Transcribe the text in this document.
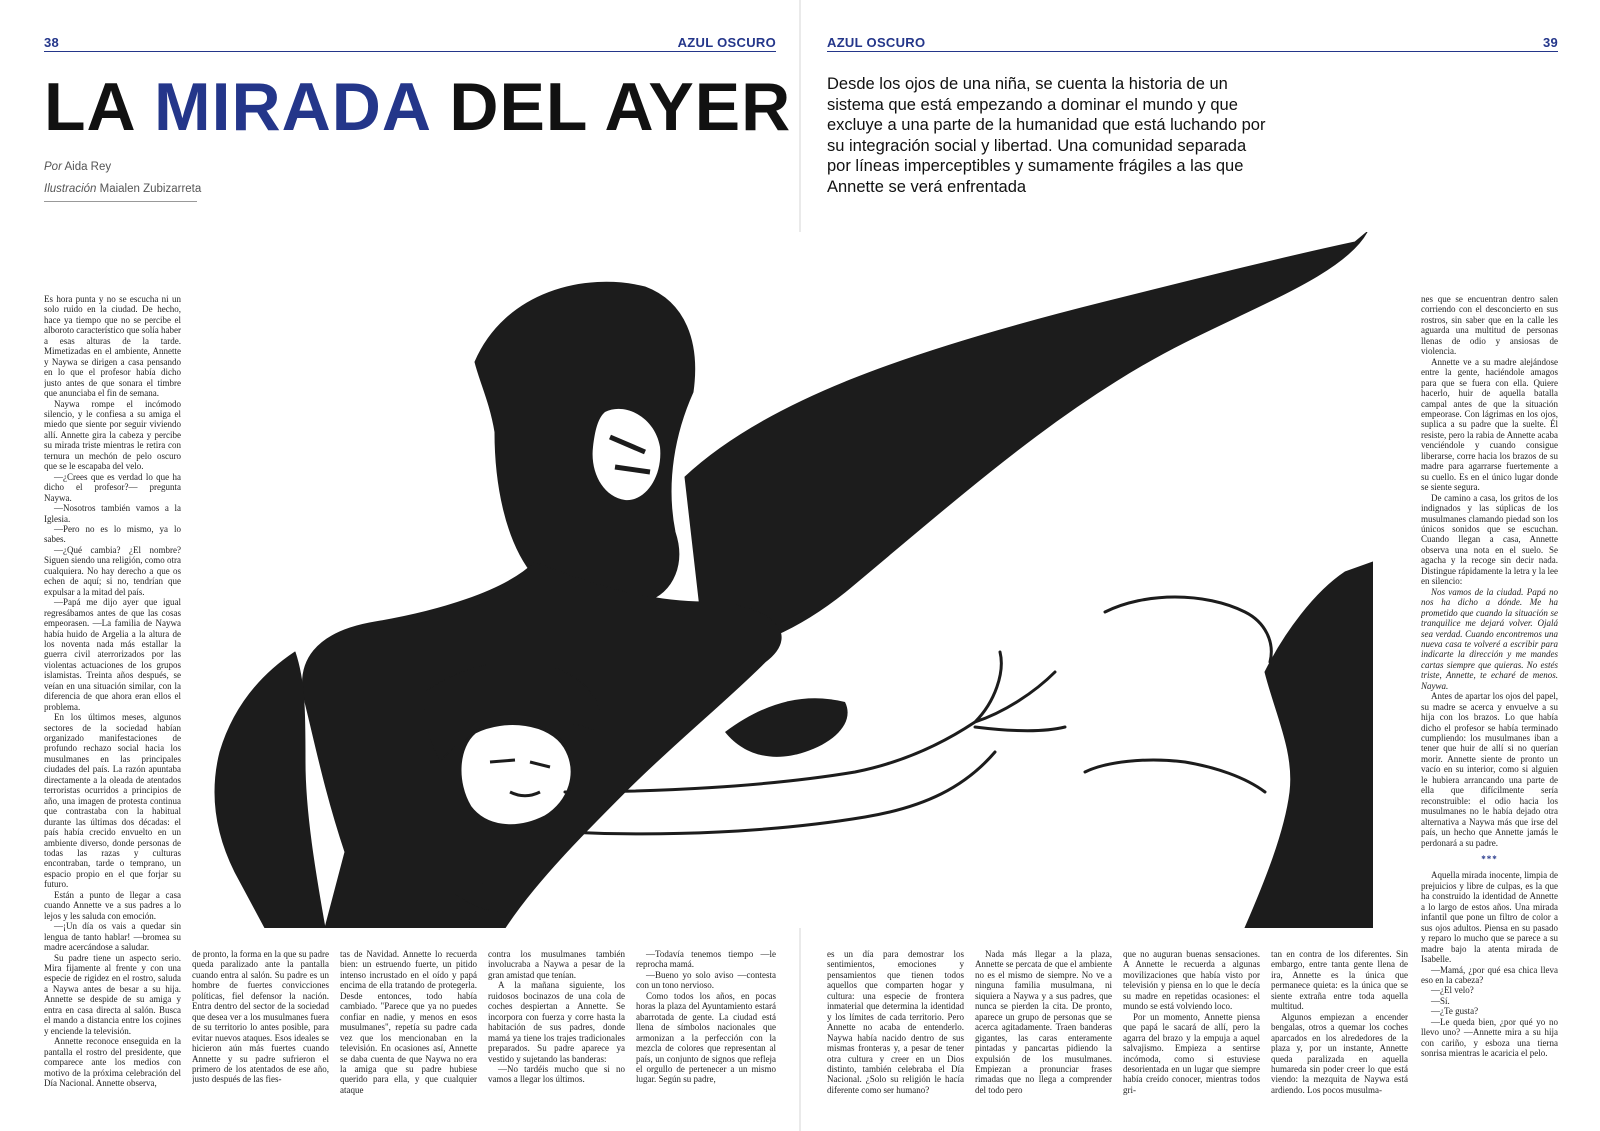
38	AZUL OSCURO	AZUL OSCURO	39
LA MIRADA DEL AYER
Por Aida Rey
Ilustración Maialen Zubizarreta

Desde los ojos de una niña, se cuenta la historia de un sistema que está empezando a dominar el mundo y que excluye a una parte de la humanidad que está luchando por su integración social y libertad. Una comunidad separada por líneas imperceptibles y sumamente frágiles a las que Annette se verá enfrentada

Es hora punta y no se escucha ni un solo ruido en la ciudad. De hecho, hace ya tiempo que no se percibe el alboroto característico que solía haber a esas alturas de la tarde. Mimetizadas en el ambiente, Annette y Naywa se dirigen a casa pensando en lo que el profesor había dicho justo antes de que sonara el timbre que anunciaba el fin de semana.

Naywa rompe el incómodo silencio, y le confiesa a su amiga el miedo que siente por seguir viviendo allí. Annette gira la cabeza y percibe su mirada triste mientras le retira con ternura un mechón de pelo oscuro que se le escapaba del velo.

—¿Crees que es verdad lo que ha dicho el profesor?— pregunta Naywa.

—Nosotros también vamos a la Iglesia.

—Pero no es lo mismo, ya lo sabes.

—¿Qué cambia? ¿El nombre? Siguen siendo una religión, como otra cualquiera. No hay derecho a que os echen de aquí; si no, tendrían que expulsar a la mitad del país.

—Papá me dijo ayer que igual regresábamos antes de que las cosas empeorasen. —La familia de Naywa había huido de Argelia a la altura de los noventa nada más estallar la guerra civil aterrorizados por las violentas actuaciones de los grupos islamistas. Treinta años después, se veían en una situación similar, con la diferencia de que ahora eran ellos el problema.

En los últimos meses, algunos sectores de la sociedad habían organizado manifestaciones de profundo rechazo social hacia los musulmanes en las principales ciudades del país. La razón apuntaba directamente a la oleada de atentados terroristas ocurridos a principios de año, una imagen de protesta continua que contrastaba con la habitual durante las últimas dos décadas: el país había crecido envuelto en un ambiente diverso, donde personas de todas las razas y culturas encontraban, tarde o temprano, un espacio propio en el que forjar su futuro.

Están a punto de llegar a casa cuando Annette ve a sus padres a lo lejos y les saluda con emoción.

—¡Un día os vais a quedar sin lengua de tanto hablar! —bromea su madre acercándose a saludar.

Su padre tiene un aspecto serio. Mira fijamente al frente y con una especie de rigidez en el rostro, saluda a Naywa antes de besar a su hija. Annette se despide de su amiga y entra en casa directa al salón. Busca el mando a distancia entre los cojines y enciende la televisión.

Annette reconoce enseguida en la pantalla el rostro del presidente, que comparece ante los medios con motivo de la próxima celebración del Día Nacional. Annette observa,

de pronto, la forma en la que su padre queda paralizado ante la pantalla cuando entra al salón. Su padre es un hombre de fuertes convicciones políticas, fiel defensor la nación. Entra dentro del sector de la sociedad que desea ver a los musulmanes fuera de su territorio lo antes posible, para evitar nuevos ataques. Esos ideales se hicieron aún más fuertes cuando Annette y su padre sufrieron el primero de los atentados de ese año, justo después de las fies-

tas de Navidad. Annette lo recuerda bien: un estruendo fuerte, un pitido intenso incrustado en el oído y papá encima de ella tratando de protegerla. Desde entonces, todo había cambiado. "Parece que ya no puedes confiar en nadie, y menos en esos musulmanes", repetía su padre cada vez que los mencionaban en la televisión. En ocasiones así, Annette se daba cuenta de que Naywa no era la amiga que su padre hubiese querido para ella, y que cualquier ataque

contra los musulmanes también involucraba a Naywa a pesar de la gran amistad que tenían.

A la mañana siguiente, los ruidosos bocinazos de una cola de coches despiertan a Annette. Se incorpora con fuerza y corre hasta la habitación de sus padres, donde mamá ya tiene los trajes tradicionales preparados. Su padre aparece ya vestido y sujetando las banderas:

—No tardéis mucho que si no vamos a llegar los últimos.

—Todavía tenemos tiempo —le reprocha mamá.

—Bueno yo solo aviso —contesta con un tono nervioso.

Como todos los años, en pocas horas la plaza del Ayuntamiento estará abarrotada de gente. La ciudad está llena de símbolos nacionales que armonizan a la perfección con la mezcla de colores que representan al país, un conjunto de signos que refleja el orgullo de pertenecer a un mismo lugar. Según su padre,

es un día para demostrar los sentimientos, emociones y pensamientos que tienen todos aquellos que comparten hogar y cultura: una especie de frontera inmaterial que determina la identidad y los límites de cada territorio. Pero Annette no acaba de entenderlo. Naywa había nacido dentro de sus mismas fronteras y, a pesar de tener otra cultura y creer en un Dios distinto, también celebraba el Día Nacional. ¿Solo su religión le hacía diferente como ser humano?

Nada más llegar a la plaza, Annette se percata de que el ambiente no es el mismo de siempre. No ve a ninguna familia musulmana, ni siquiera a Naywa y a sus padres, que nunca se pierden la cita. De pronto, aparece un grupo de personas que se acerca agitadamente. Traen banderas gigantes, las caras enteramente pintadas y pancartas pidiendo la expulsión de los musulmanes. Empiezan a pronunciar frases rimadas que no llega a comprender del todo pero

que no auguran buenas sensaciones. A Annette le recuerda a algunas movilizaciones que había visto por televisión y piensa en lo que le decía su madre en repetidas ocasiones: el mundo se está volviendo loco.

Por un momento, Annette piensa que papá le sacará de allí, pero la agarra del brazo y la empuja a aquel salvajismo. Empieza a sentirse incómoda, como si estuviese desorientada en un lugar que siempre había creído conocer, mientras todos gri-

tan en contra de los diferentes. Sin embargo, entre tanta gente llena de ira, Annette es la única que permanece quieta: es la única que se siente extraña entre toda aquella multitud.

Algunos empiezan a encender bengalas, otros a quemar los coches aparcados en los alrededores de la plaza y, por un instante, Annette queda paralizada en aquella humareda sin poder creer lo que está viendo: la mezquita de Naywa está ardiendo. Los pocos musulma-

nes que se encuentran dentro salen corriendo con el desconcierto en sus rostros, sin saber que en la calle les aguarda una multitud de personas llenas de odio y ansiosas de violencia.

Annette ve a su madre alejándose entre la gente, haciéndole amagos para que se fuera con ella. Quiere hacerlo, huir de aquella batalla campal antes de que la situación empeorase. Con lágrimas en los ojos, suplica a su padre que la suelte. Él resiste, pero la rabia de Annette acaba venciéndole y cuando consigue liberarse, corre hacia los brazos de su madre para agarrarse fuertemente a su cuello. Es en el único lugar donde se siente segura.

De camino a casa, los gritos de los indignados y las súplicas de los musulmanes clamando piedad son los únicos sonidos que se escuchan. Cuando llegan a casa, Annette observa una nota en el suelo. Se agacha y la recoge sin decir nada. Distingue rápidamente la letra y la lee en silencio:

Nos vamos de la ciudad. Papá no nos ha dicho a dónde. Me ha prometido que cuando la situación se tranquilice me dejará volver. Ojalá sea verdad. Cuando encontremos una nueva casa te volveré a escribir para indicarte la dirección y me mandes cartas siempre que quieras. No estés triste, Annette, te echaré de menos. Naywa.

Antes de apartar los ojos del papel, su madre se acerca y envuelve a su hija con los brazos. Lo que había dicho el profesor se había terminado cumpliendo: los musulmanes iban a tener que huir de allí si no querían morir. Annette siente de pronto un vacío en su interior, como si alguien le hubiera arrancando una parte de ella que difícilmente sería reconstruible: el odio hacia los musulmanes no le había dejado otra alternativa a Naywa más que irse del país, un hecho que Annette jamás le perdonará a su padre.

***

Aquella mirada inocente, limpia de prejuicios y libre de culpas, es la que ha construido la identidad de Annette a lo largo de estos años. Una mirada infantil que pone un filtro de color a sus ojos adultos. Piensa en su pasado y reparo lo mucho que se parece a su madre bajo la atenta mirada de Isabelle.

—Mamá, ¿por qué esa chica lleva eso en la cabeza?

—¿El velo?

—Sí.

—¿Te gusta?

—Le queda bien, ¿por qué yo no llevo uno? —Annette mira a su hija con cariño, y esboza una tierna sonrisa mientras le acaricia el pelo.
